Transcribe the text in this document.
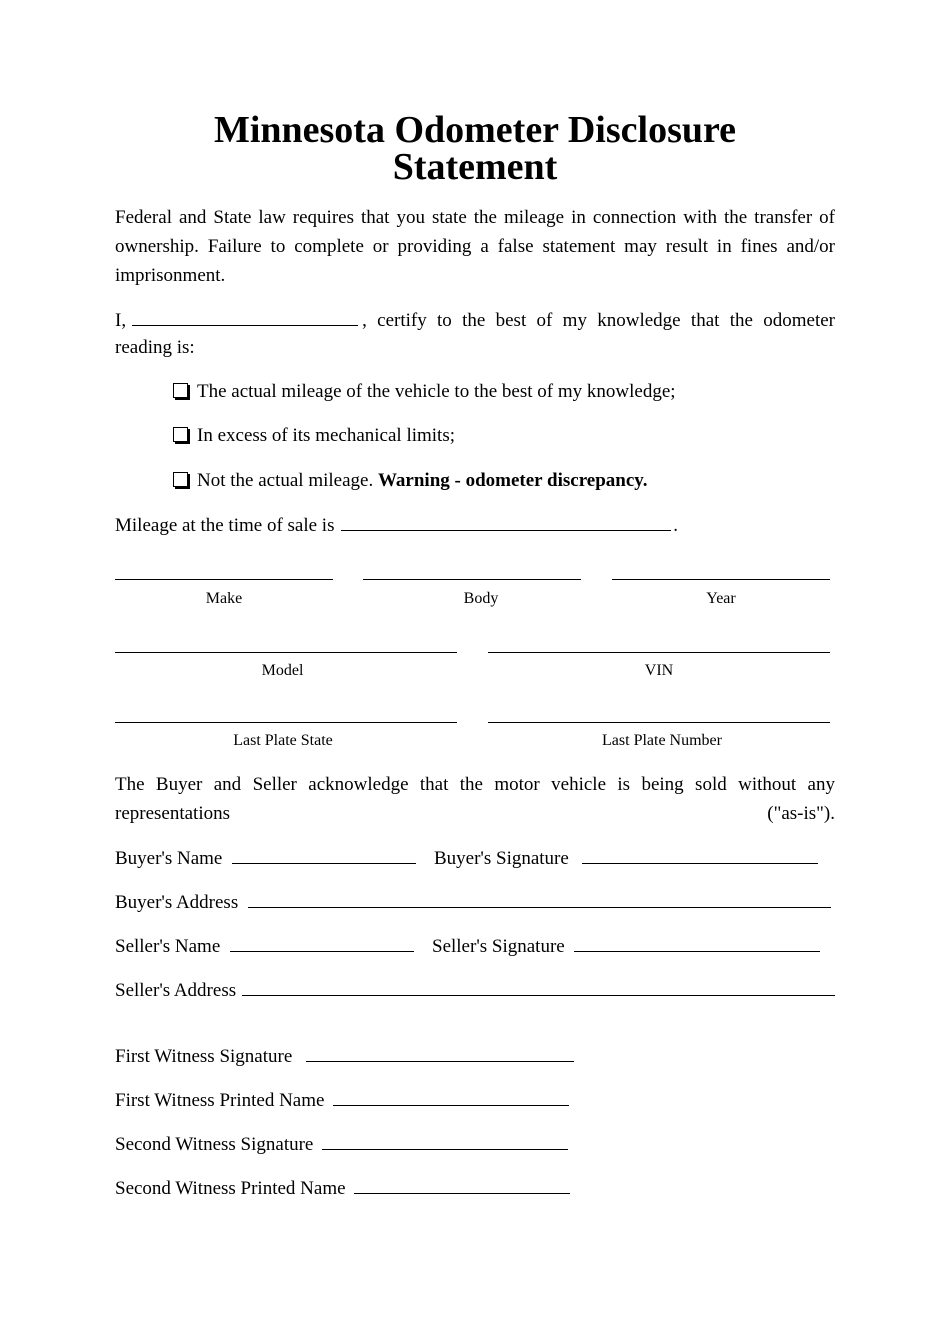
Minnesota Odometer Disclosure
Statement
Federal and State law requires that you state the mileage in connection with the transfer of ownership. Failure to complete or providing a false statement may result in fines and/or imprisonment.
I,	, certify to the best of my knowledge that the odometer
reading is:
The actual mileage of the vehicle to the best of my knowledge;
In excess of its mechanical limits;
Not the actual mileage. Warning - odometer discrepancy.
Mileage at the time of sale is	.
Make	Body	Year
Model	VIN
Last Plate State	Last Plate Number
The Buyer and Seller acknowledge that the motor vehicle is being sold without any representations ("as-is").
Buyer's Name	Buyer's Signature
Buyer's Address
Seller's Name	Seller's Signature
Seller's Address
First Witness Signature
First Witness Printed Name
Second Witness Signature
Second Witness Printed Name
